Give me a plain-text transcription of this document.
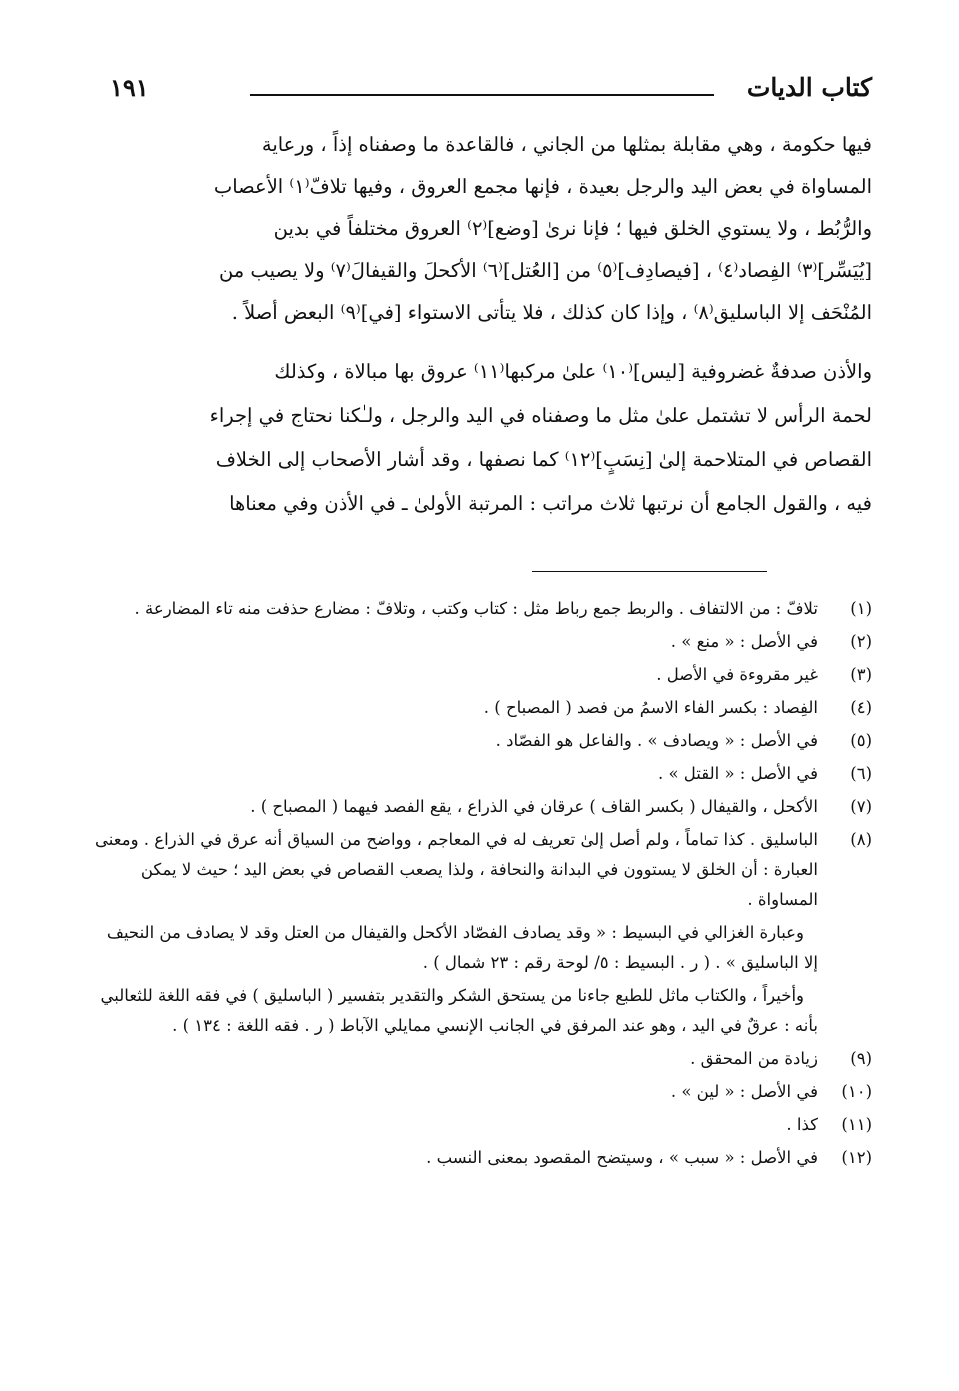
كتاب الديات
١٩١

فيها حكومة ، وهي مقابلة بمثلها من الجاني ، فالقاعدة ما وصفناه إذاً ، ورعاية
المساواة في بعض اليد والرجل بعيدة ، فإنها مجمع العروق ، وفيها تلافّ⁽١⁾ الأعصاب
والرُّبُط ، ولا يستوي الخلق فيها ؛ فإنا نرىٰ [وضع]⁽٢⁾ العروق مختلفاً في بدين
[يُيَسِّر]⁽٣⁾ الفِصاد⁽٤⁾ ، [فيصادِف]⁽٥⁾ من [العُتل]⁽٦⁾ الأكحلَ والقيفالَ⁽٧⁾ ولا يصيب من
المُنْحَف إلا الباسليق⁽٨⁾ ، وإذا كان كذلك ، فلا يتأتى الاستواء [في]⁽٩⁾ البعض أصلاً .

والأذن صدفةٌ غضروفية [ليس]⁽١٠⁾ علىٰ مركبها⁽١١⁾ عروق بها مبالاة ، وكذلك
لحمة الرأس لا تشتمل علىٰ مثل ما وصفناه في اليد والرجل ، ولـٰكنا نحتاج في إجراء
القصاص في المتلاحمة إلىٰ [نِسَبٍ]⁽١٢⁾ كما نصفها ، وقد أشار الأصحاب إلى الخلاف
فيه ، والقول الجامع أن نرتبها ثلاث مراتب : المرتبة الأولىٰ ـ في الأذن وفي معناها

(١)
تلافّ : من الالتفاف . والربط جمع رباط مثل : كتاب وكتب ، وتلافّ : مضارع حذفت منه تاء المضارعة .
(٢)
في الأصل : « منع » .
(٣)
غير مقروءة في الأصل .
(٤)
الفِصاد : بكسر الفاء الاسمُ من فصد ( المصباح ) .
(٥)
في الأصل : « ويصادف » . والفاعل هو الفصّاد .
(٦)
في الأصل : « القتل » .
(٧)
الأكحل ، والقيفال ( بكسر القاف ) عرقان في الذراع ، يقع الفصد فيهما ( المصباح ) .
(٨)
الباسليق . كذا تماماً ، ولم أصل إلىٰ تعريف له في المعاجم ، وواضح من السياق أنه عرق في الذراع . ومعنى العبارة : أن الخلق لا يستوون في البدانة والنحافة ، ولذا يصعب القصاص في بعض اليد ؛ حيث لا يمكن المساواة .
وعبارة الغزالي في البسيط : « وقد يصادف الفصّاد الأكحل والقيفال من العتل وقد لا يصادف من النحيف إلا الباسليق » . ( ر . البسيط : ٥/ لوحة رقم : ٢٣ شمال ) .
وأخيراً ، والكتاب ماثل للطبع جاءنا من يستحق الشكر والتقدير بتفسير ( الباسليق ) في فقه اللغة للثعالبي بأنه : عرقٌ في اليد ، وهو عند المرفق في الجانب الإنسي ممايلي الآباط ( ر . فقه اللغة : ١٣٤ ) .
(٩)
زيادة من المحقق .
(١٠)
في الأصل : « لين » .
(١١)
كذا .
(١٢)
في الأصل : « سبب » ، وسيتضح المقصود بمعنى النسب .
